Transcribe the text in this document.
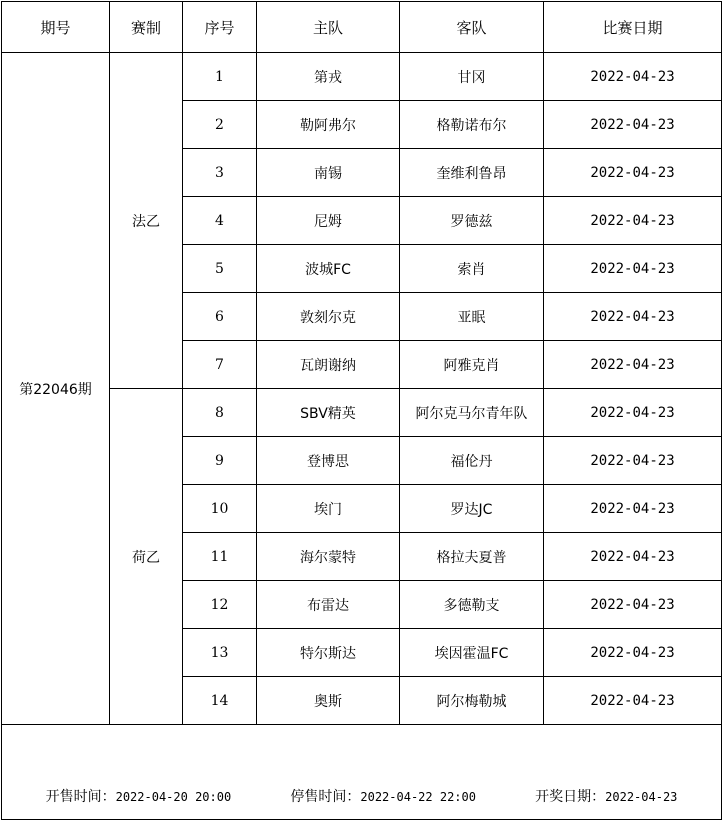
期号	赛制	序号	主队	客队	比赛日期
第22046期	法乙	1	第戎	甘冈	2022-04-23
		2	勒阿弗尔	格勒诺布尔	2022-04-23
		3	南锡	奎维利鲁昂	2022-04-23
		4	尼姆	罗德兹	2022-04-23
		5	波城FC	索肖	2022-04-23
		6	敦刻尔克	亚眠	2022-04-23
		7	瓦朗谢纳	阿雅克肖	2022-04-23
	荷乙	8	SBV精英	阿尔克马尔青年队	2022-04-23
		9	登博思	福伦丹	2022-04-23
		10	埃门	罗达JC	2022-04-23
		11	海尔蒙特	格拉夫夏普	2022-04-23
		12	布雷达	多德勒支	2022-04-23
		13	特尔斯达	埃因霍温FC	2022-04-23
		14	奥斯	阿尔梅勒城	2022-04-23

开售时间：2022-04-20 20:00 停售时间：2022-04-22 22:00 开奖日期：2022-04-23					
